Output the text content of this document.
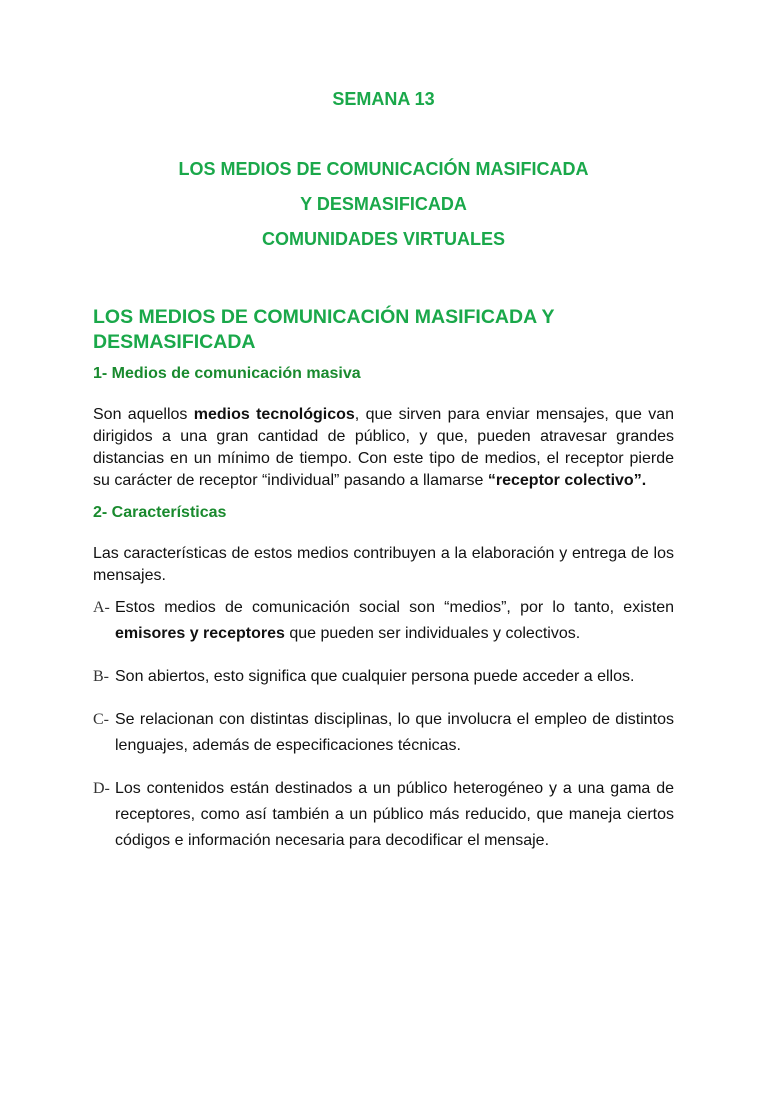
SEMANA 13
LOS MEDIOS DE COMUNICACIÓN MASIFICADA
Y DESMASIFICADA
COMUNIDADES VIRTUALES
LOS MEDIOS DE COMUNICACIÓN MASIFICADA Y DESMASIFICADA
1- Medios de comunicación masiva

Son aquellos medios tecnológicos, que sirven para enviar mensajes, que van dirigidos a una gran cantidad de público, y que, pueden atravesar grandes distancias en un mínimo de tiempo. Con este tipo de medios, el receptor pierde su carácter de receptor “individual” pasando a llamarse “receptor colectivo”.

2- Características

Las características de estos medios contribuyen a la elaboración y entrega de los mensajes.

A- Estos medios de comunicación social son “medios”, por lo tanto, existen emisores y receptores que pueden ser individuales y colectivos.
B- Son abiertos, esto significa que cualquier persona puede acceder a ellos.
C- Se relacionan con distintas disciplinas, lo que involucra el empleo de distintos lenguajes, además de especificaciones técnicas.
D- Los contenidos están destinados a un público heterogéneo y a una gama de receptores, como así también a un público más reducido, que maneja ciertos códigos e información necesaria para decodificar el mensaje.
